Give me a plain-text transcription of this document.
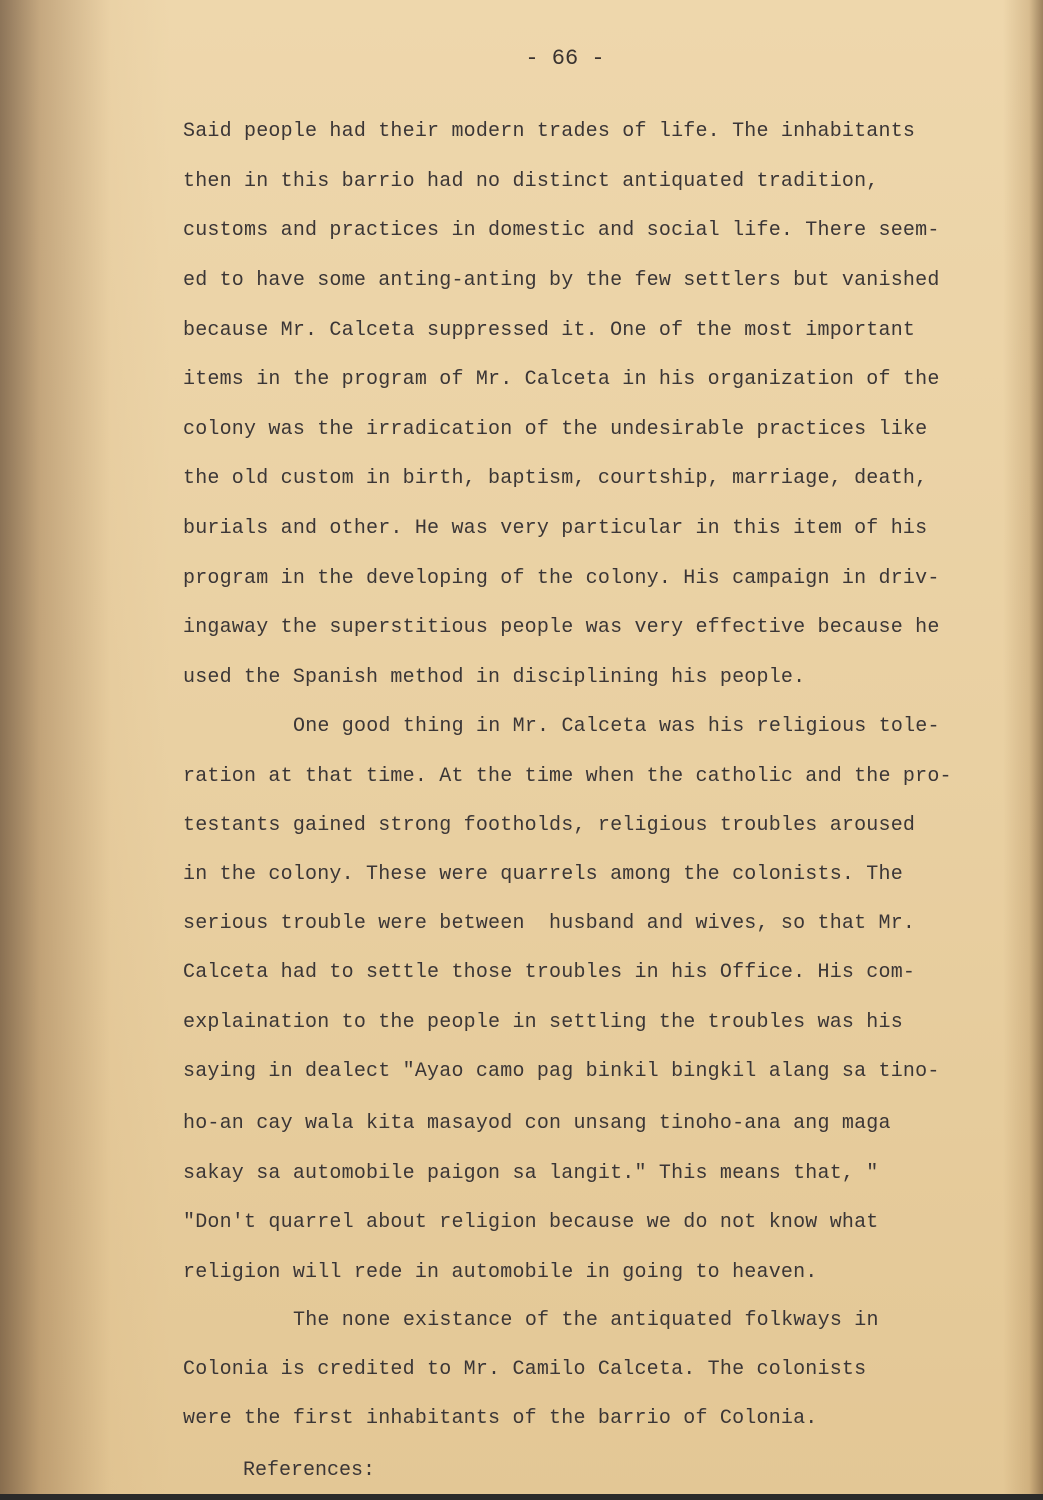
- 66 -
Said people had their modern trades of life. The inhabitants
then in this barrio had no distinct antiquated tradition,
customs and practices in domestic and social life. There seem-
ed to have some anting-anting by the few settlers but vanished
because Mr. Calceta suppressed it. One of the most important
items in the program of Mr. Calceta in his organization of the
colony was the irradication of the undesirable practices like
the old custom in birth, baptism, courtship, marriage, death,
burials and other. He was very particular in this item of his
program in the developing of the colony. His campaign in driv-
ingaway the superstitious people was very effective because he
used the Spanish method in disciplining his people.
One good thing in Mr. Calceta was his religious tole-
ration at that time. At the time when the catholic and the pro-
testants gained strong footholds, religious troubles aroused
in the colony. These were quarrels among the colonists. The
serious trouble were between  husband and wives, so that Mr.
Calceta had to settle those troubles in his Office. His com-
explaination to the people in settling the troubles was his
saying in dealect "Ayao camo pag binkil bingkil alang sa tino-
ho-an cay wala kita masayod con unsang tinoho-ana ang maga
sakay sa automobile paigon sa langit." This means that, "
"Don't quarrel about religion because we do not know what
religion will rede in automobile in going to heaven.
The none existance of the antiquated folkways in
Colonia is credited to Mr. Camilo Calceta. The colonists
were the first inhabitants of the barrio of Colonia.
References:
